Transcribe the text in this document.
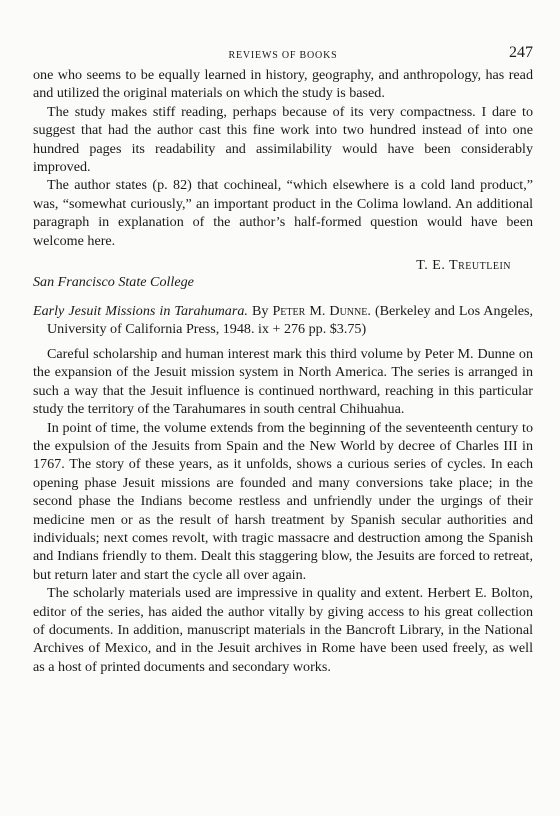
REVIEWS OF BOOKS	247

one who seems to be equally learned in history, geography, and anthropology, has read and utilized the original materials on which the study is based.

The study makes stiff reading, perhaps because of its very compactness. I dare to suggest that had the author cast this fine work into two hundred instead of into one hundred pages its readability and assimilability would have been considerably improved.

The author states (p. 82) that cochineal, “which elsewhere is a cold land product,” was, “somewhat curiously,” an important product in the Colima lowland. An additional paragraph in explanation of the author’s half-formed question would have been welcome here.

T. E. Treutlein
San Francisco State College
Early Jesuit Missions in Tarahumara. By Peter M. Dunne. (Berkeley and Los Angeles, University of California Press, 1948. ix + 276 pp. $3.75)

Careful scholarship and human interest mark this third volume by Peter M. Dunne on the expansion of the Jesuit mission system in North America. The series is arranged in such a way that the Jesuit influence is continued northward, reaching in this particular study the territory of the Tarahumares in south central Chihuahua.

In point of time, the volume extends from the beginning of the seventeenth century to the expulsion of the Jesuits from Spain and the New World by decree of Charles III in 1767. The story of these years, as it unfolds, shows a curious series of cycles. In each opening phase Jesuit missions are founded and many conversions take place; in the second phase the Indians become restless and unfriendly under the urgings of their medicine men or as the result of harsh treatment by Spanish secular authorities and individuals; next comes revolt, with tragic massacre and destruction among the Spanish and Indians friendly to them. Dealt this staggering blow, the Jesuits are forced to retreat, but return later and start the cycle all over again.

The scholarly materials used are impressive in quality and extent. Herbert E. Bolton, editor of the series, has aided the author vitally by giving access to his great collection of documents. In addition, manuscript materials in the Bancroft Library, in the National Archives of Mexico, and in the Jesuit archives in Rome have been used freely, as well as a host of printed documents and secondary works.
